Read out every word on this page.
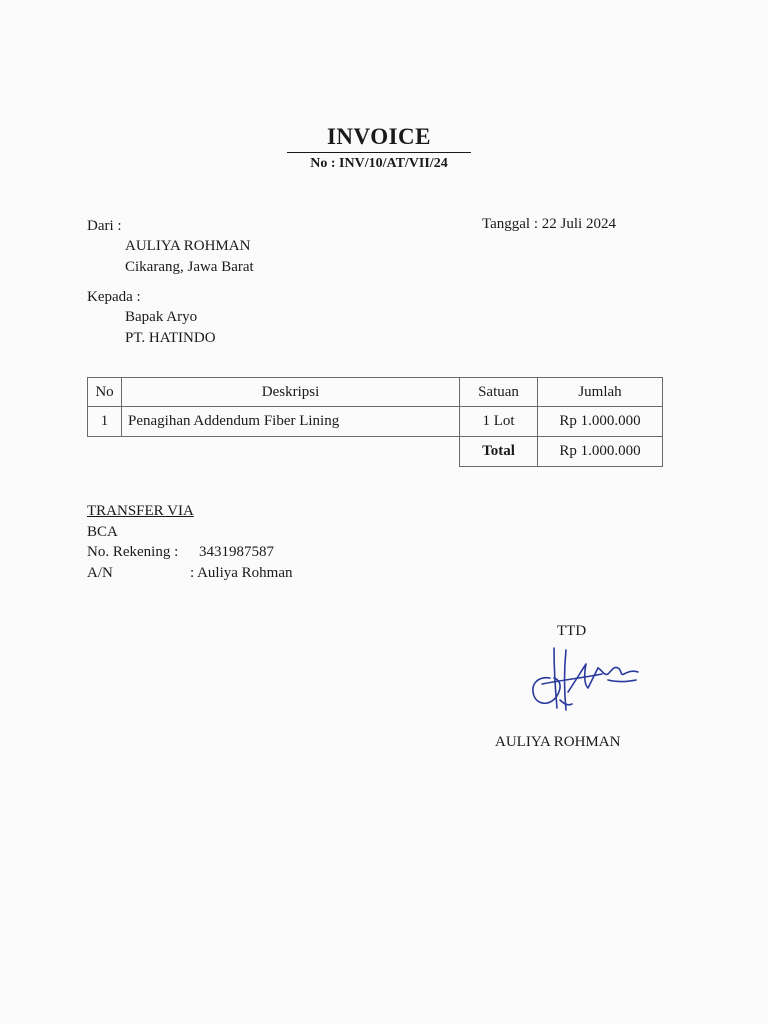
INVOICE
No : INV/10/AT/VII/24
Dari :
AULIYA ROHMAN
Cikarang, Jawa Barat
Tanggal : 22 Juli 2024
Kepada :
Bapak Aryo
PT. HATINDO
No	Deskripsi	Satuan	Jumlah
1	Penagihan Addendum Fiber Lining	1 Lot	Rp 1.000.000
		Total	Rp 1.000.000
TRANSFER VIA
BCA
No. Rekening : 3431987587
A/N	: Auliya Rohman
TTD
AULIYA ROHMAN
